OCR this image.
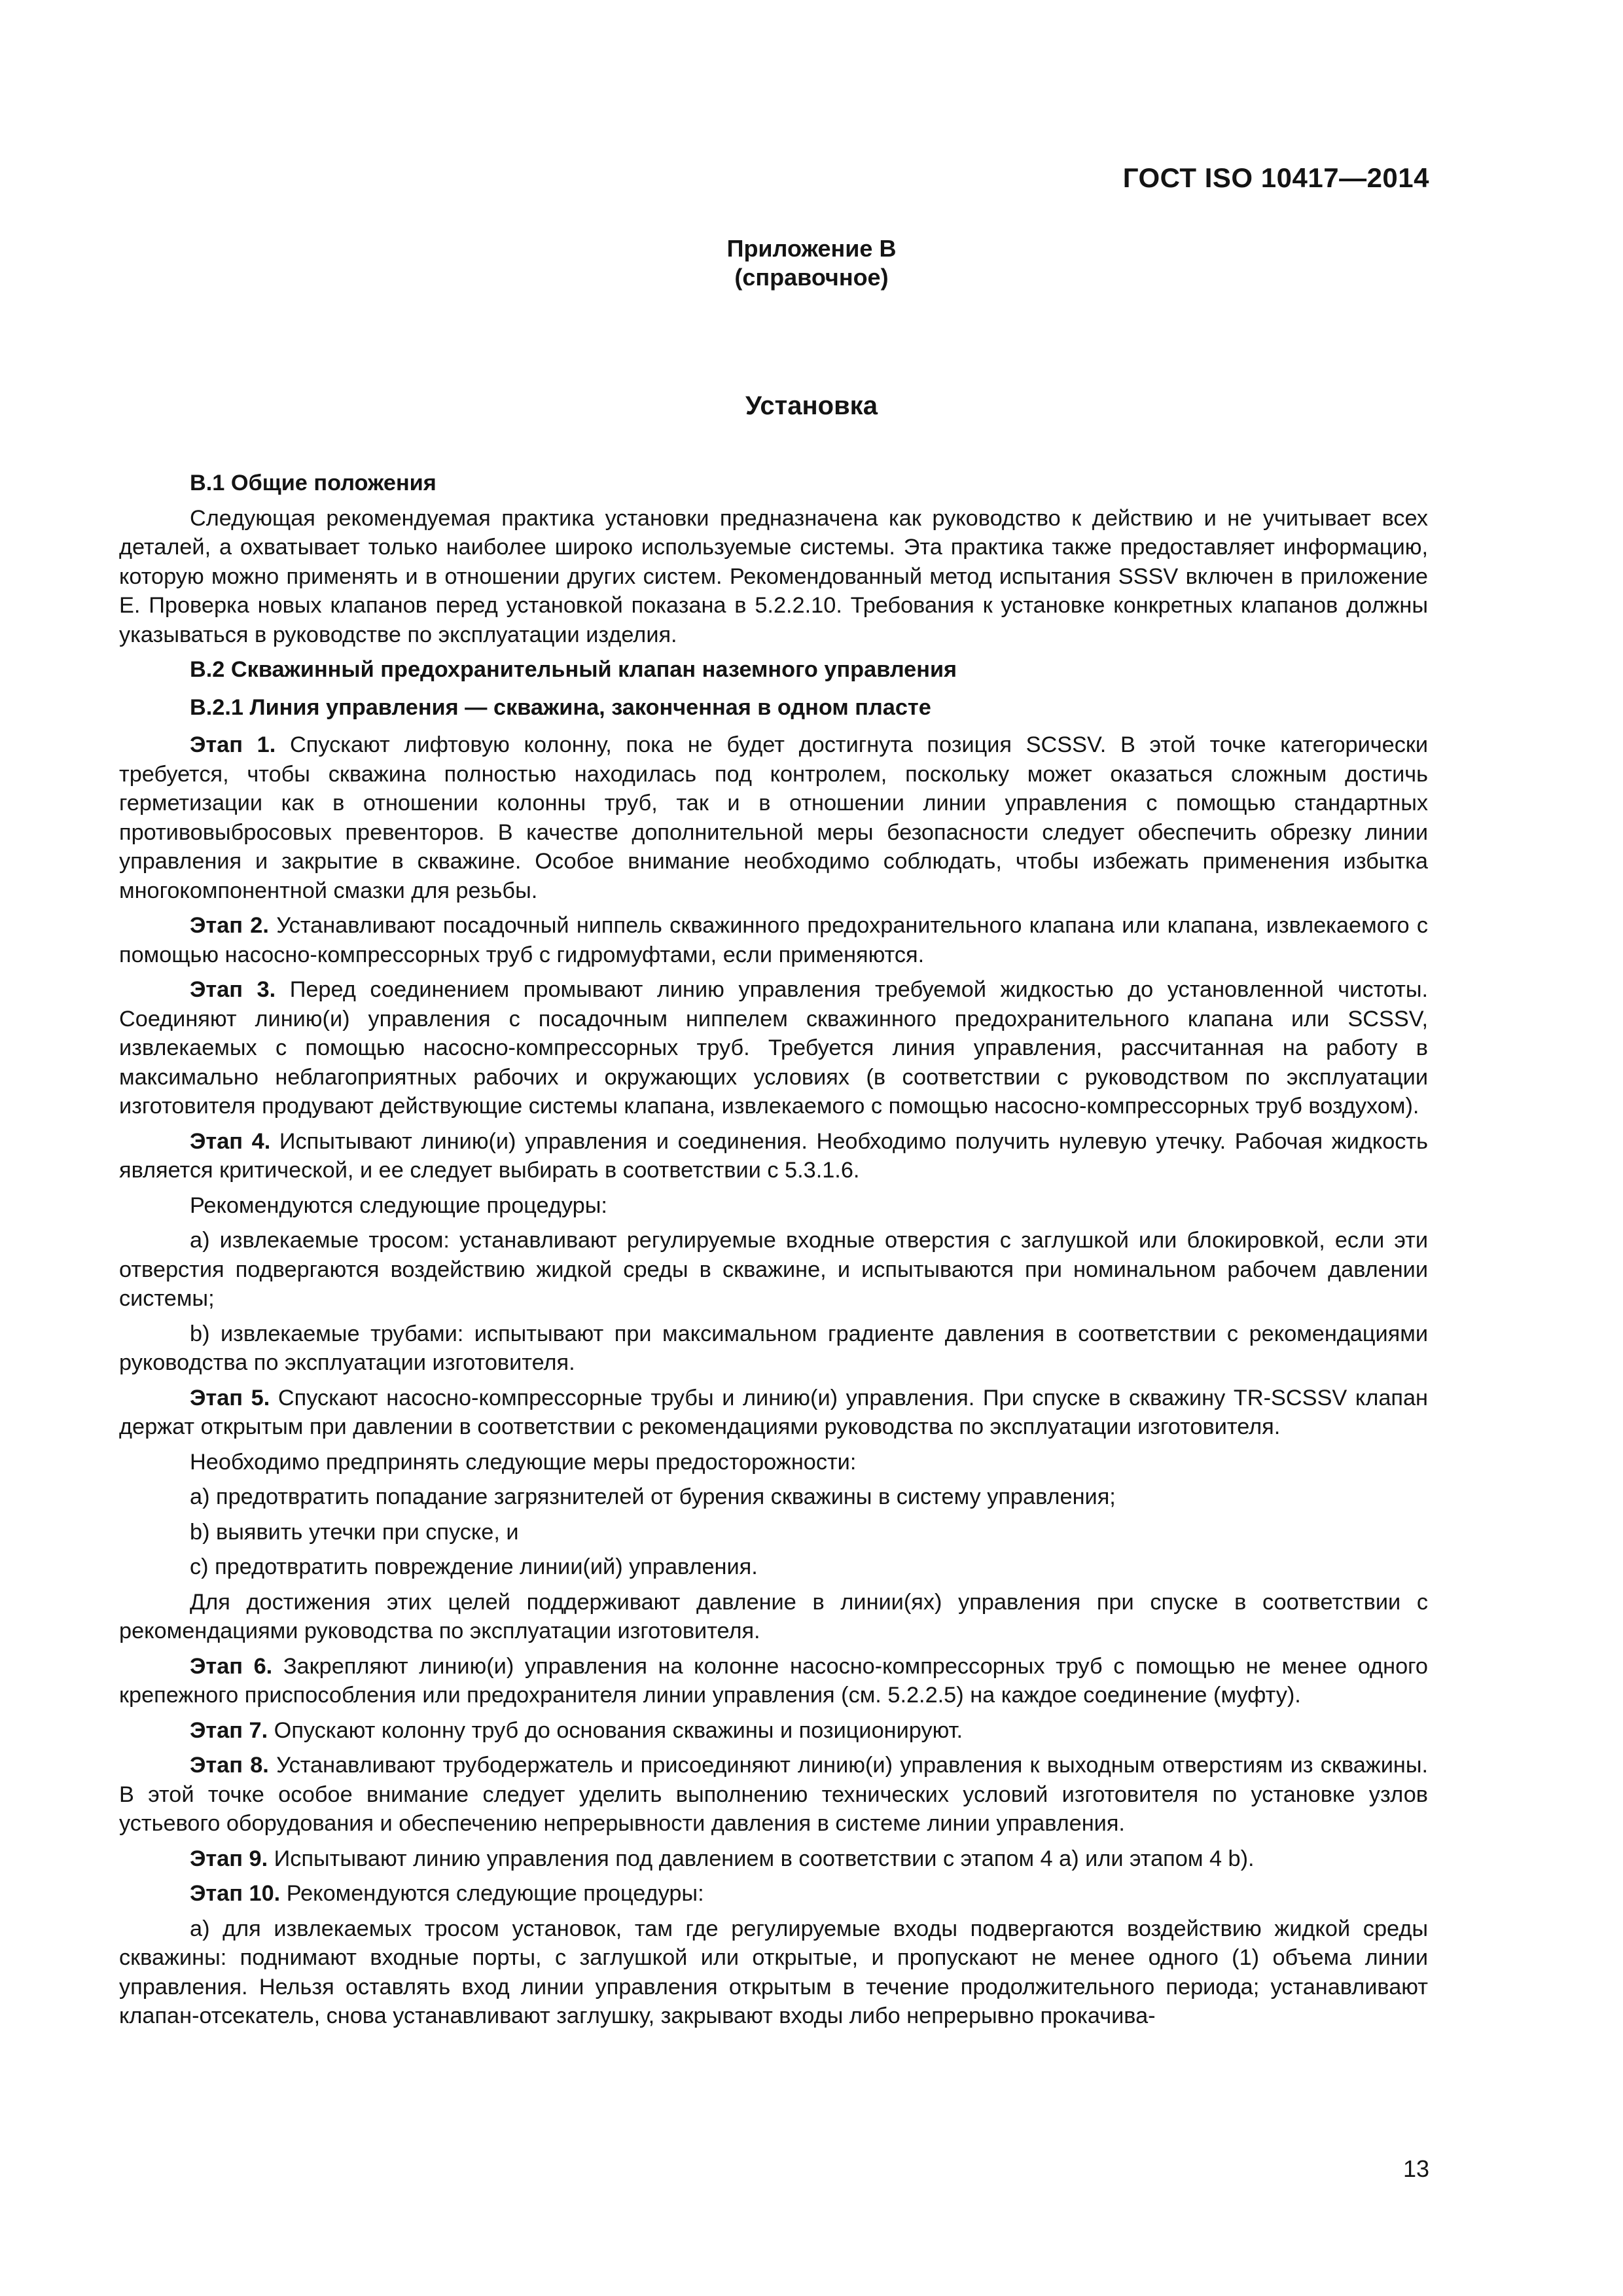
ГОСТ ISO 10417—2014

Приложение В
(справочное)

Установка

В.1 Общие положения

Следующая рекомендуемая практика установки предназначена как руководство к действию и не учитывает всех деталей, а охватывает только наиболее широко используемые системы. Эта практика также предоставляет информацию, которую можно применять и в отношении других систем. Рекомендованный метод испытания SSSV включен в приложение Е. Проверка новых клапанов перед установкой показана в 5.2.2.10. Требования к установке конкретных клапанов должны указываться в руководстве по эксплуатации изделия.

В.2 Скважинный предохранительный клапан наземного управления

В.2.1 Линия управления — скважина, законченная в одном пласте

Этап 1. Спускают лифтовую колонну, пока не будет достигнута позиция SCSSV. В этой точке категорически требуется, чтобы скважина полностью находилась под контролем, поскольку может оказаться сложным достичь герметизации как в отношении колонны труб, так и в отношении линии управления с помощью стандартных противовыбросовых превенторов. В качестве дополнительной меры безопасности следует обеспечить обрезку линии управления и закрытие в скважине. Особое внимание необходимо соблюдать, чтобы избежать применения избытка многокомпонентной смазки для резьбы.

Этап 2. Устанавливают посадочный ниппель скважинного предохранительного клапана или клапана, извлекаемого с помощью насосно-компрессорных труб с гидромуфтами, если применяются.

Этап 3. Перед соединением промывают линию управления требуемой жидкостью до установленной чистоты. Соединяют линию(и) управления с посадочным ниппелем скважинного предохранительного клапана или SCSSV, извлекаемых с помощью насосно-компрессорных труб. Требуется линия управления, рассчитанная на работу в максимально неблагоприятных рабочих и окружающих условиях (в соответствии с руководством по эксплуатации изготовителя продувают действующие системы клапана, извлекаемого с помощью насосно-компрессорных труб воздухом).

Этап 4. Испытывают линию(и) управления и соединения. Необходимо получить нулевую утечку. Рабочая жидкость является критической, и ее следует выбирать в соответствии с 5.3.1.6.

Рекомендуются следующие процедуры:

а) извлекаемые тросом: устанавливают регулируемые входные отверстия с заглушкой или блокировкой, если эти отверстия подвергаются воздействию жидкой среды в скважине, и испытываются при номинальном рабочем давлении системы;

b) извлекаемые трубами: испытывают при максимальном градиенте давления в соответствии с рекомендациями руководства по эксплуатации изготовителя.

Этап 5. Спускают насосно-компрессорные трубы и линию(и) управления. При спуске в скважину TR-SCSSV клапан держат открытым при давлении в соответствии с рекомендациями руководства по эксплуатации изготовителя.

Необходимо предпринять следующие меры предосторожности:

а) предотвратить попадание загрязнителей от бурения скважины в систему управления;

b) выявить утечки при спуске, и

с) предотвратить повреждение линии(ий) управления.

Для достижения этих целей поддерживают давление в линии(ях) управления при спуске в соответствии с рекомендациями руководства по эксплуатации изготовителя.

Этап 6. Закрепляют линию(и) управления на колонне насосно-компрессорных труб с помощью не менее одного крепежного приспособления или предохранителя линии управления (см. 5.2.2.5) на каждое соединение (муфту).

Этап 7. Опускают колонну труб до основания скважины и позиционируют.

Этап 8. Устанавливают трубодержатель и присоединяют линию(и) управления к выходным отверстиям из скважины. В этой точке особое внимание следует уделить выполнению технических условий изготовителя по установке узлов устьевого оборудования и обеспечению непрерывности давления в системе линии управления.

Этап 9. Испытывают линию управления под давлением в соответствии с этапом 4 а) или этапом 4 b).

Этап 10. Рекомендуются следующие процедуры:

а) для извлекаемых тросом установок, там где регулируемые входы подвергаются воздействию жидкой среды скважины: поднимают входные порты, с заглушкой или открытые, и пропускают не менее одного (1) объема линии управления. Нельзя оставлять вход линии управления открытым в течение продолжительного периода; устанавливают клапан-отсекатель, снова устанавливают заглушку, закрывают входы либо непрерывно прокачива-

13
